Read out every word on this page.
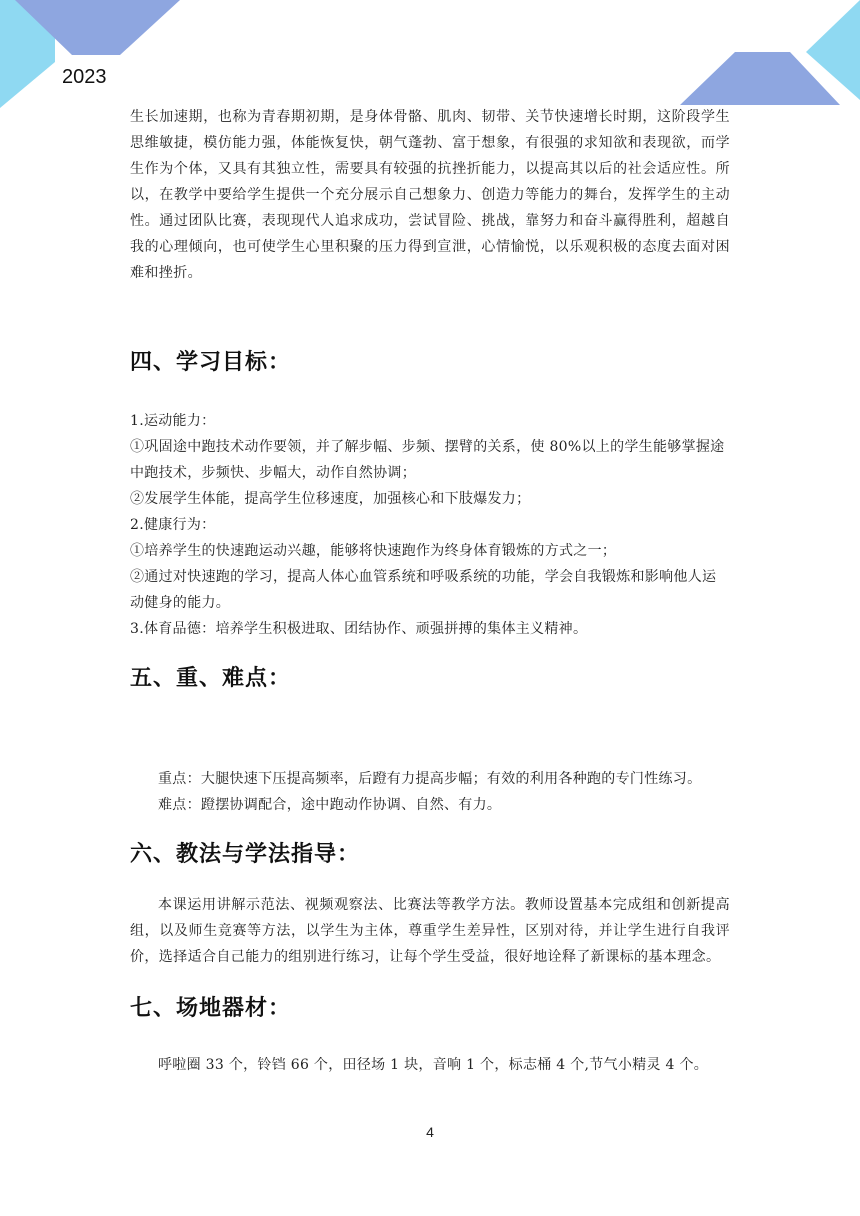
2023

生长加速期，也称为青春期初期，是身体骨骼、肌肉、韧带、关节快速增长时期，这阶段学生思维敏捷，模仿能力强，体能恢复快，朝气蓬勃、富于想象，有很强的求知欲和表现欲，而学生作为个体，又具有其独立性，需要具有较强的抗挫折能力，以提高其以后的社会适应性。所以，在教学中要给学生提供一个充分展示自己想象力、创造力等能力的舞台，发挥学生的主动性。通过团队比赛，表现现代人追求成功，尝试冒险、挑战，靠努力和奋斗赢得胜利，超越自我的心理倾向，也可使学生心里积聚的压力得到宣泄，心情愉悦，以乐观积极的态度去面对困难和挫折。

四、学习目标：

1.运动能力：

①巩固途中跑技术动作要领，并了解步幅、步频、摆臂的关系，使 80%以上的学生能够掌握途中跑技术，步频快、步幅大，动作自然协调；

②发展学生体能，提高学生位移速度，加强核心和下肢爆发力；

2.健康行为：

①培养学生的快速跑运动兴趣，能够将快速跑作为终身体育锻炼的方式之一；

②通过对快速跑的学习，提高人体心血管系统和呼吸系统的功能，学会自我锻炼和影响他人运动健身的能力。

3.体育品德：培养学生积极进取、团结协作、顽强拼搏的集体主义精神。

五、重、难点：

重点：大腿快速下压提高频率，后蹬有力提高步幅；有效的利用各种跑的专门性练习。

难点：蹬摆协调配合，途中跑动作协调、自然、有力。

六、教法与学法指导：

本课运用讲解示范法、视频观察法、比赛法等教学方法。教师设置基本完成组和创新提高组，以及师生竞赛等方法，以学生为主体，尊重学生差异性，区别对待，并让学生进行自我评价，选择适合自己能力的组别进行练习，让每个学生受益，很好地诠释了新课标的基本理念。

七、场地器材：

呼啦圈 33 个，铃铛 66 个，田径场 1 块，音响 1 个，标志桶 4 个,节气小精灵 4 个。

4
